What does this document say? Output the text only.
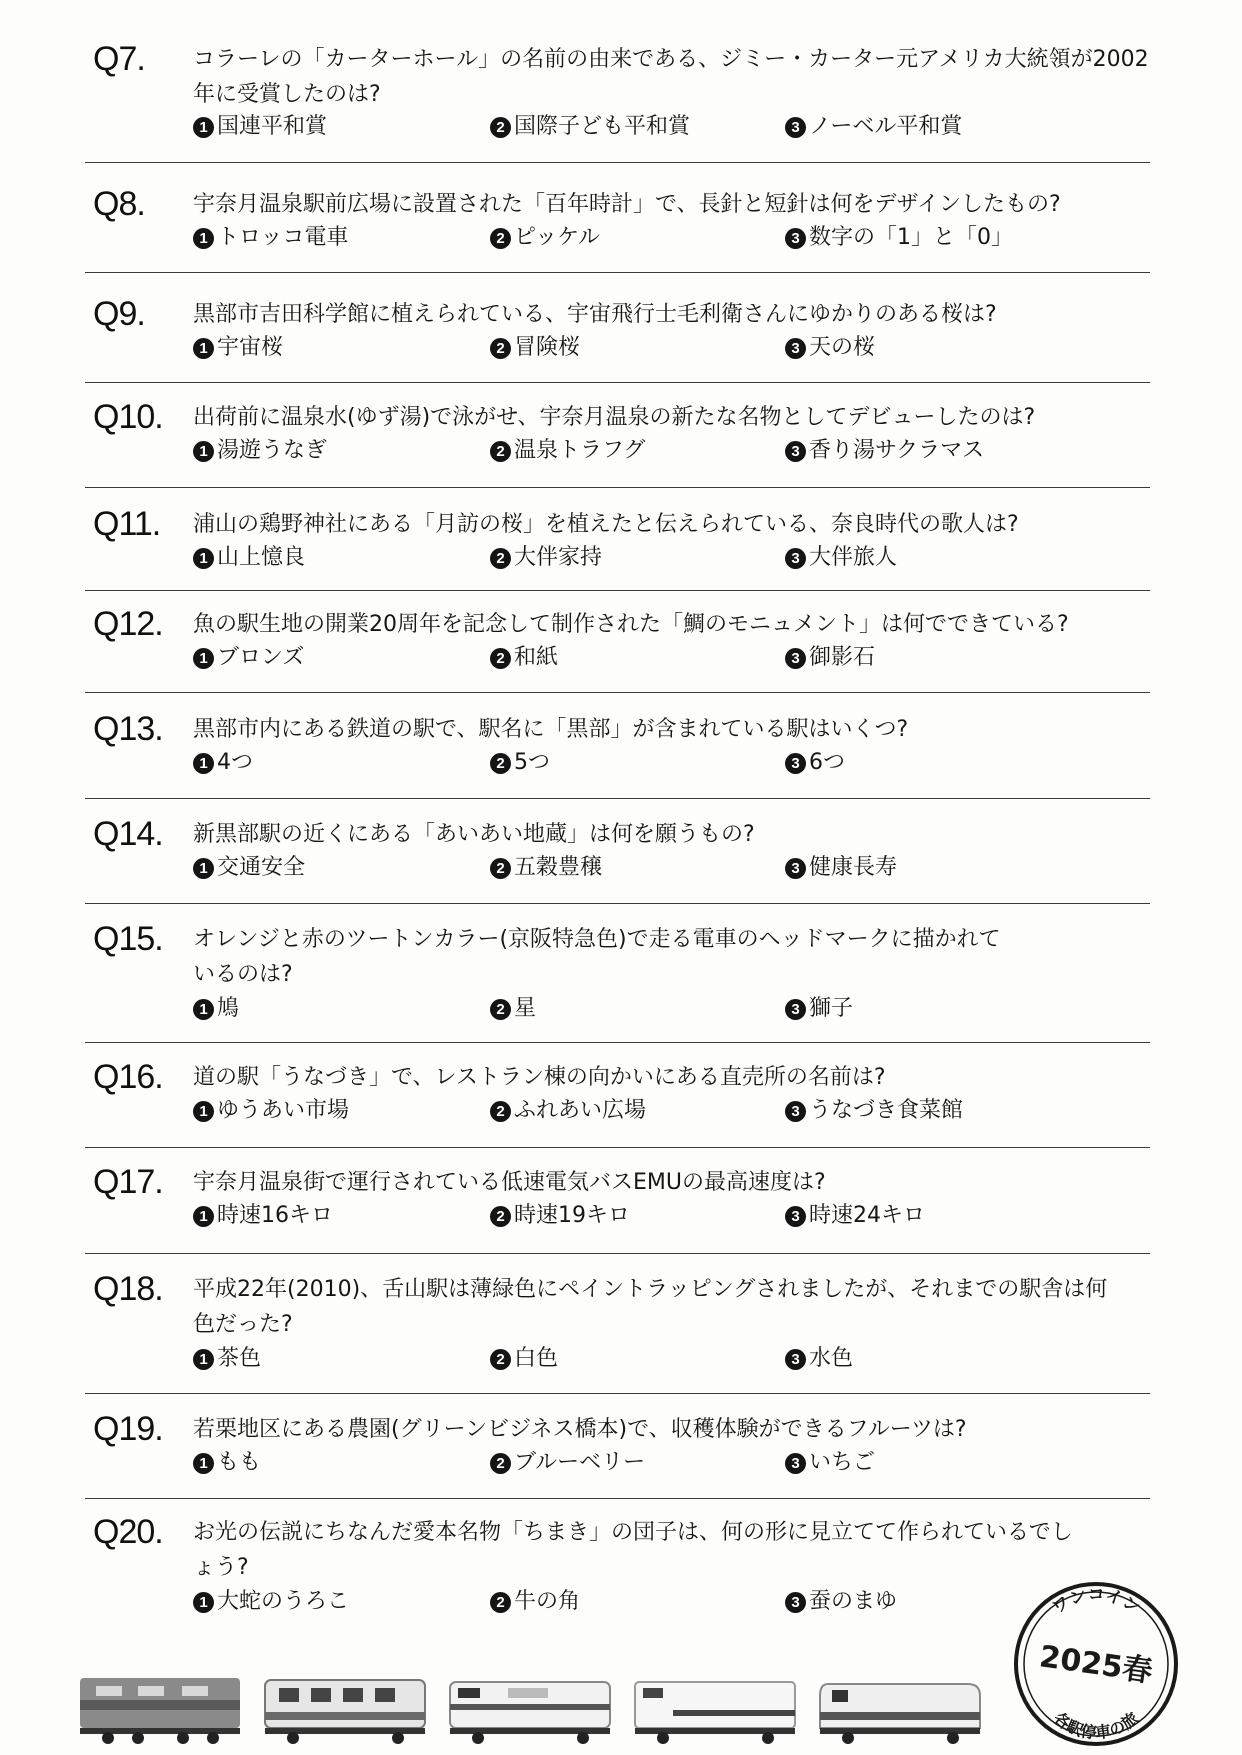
Q7. コラーレの「カーターホール」の名前の由来である、ジミー・カーター元アメリカ大統領が2002年に受賞したのは?
1 国連平和賞	2 国際子ども平和賞	3 ノーベル平和賞
Q8. 宇奈月温泉駅前広場に設置された「百年時計」で、長針と短針は何をデザインしたもの?
1 トロッコ電車	2 ピッケル	3 数字の「1」と「0」
Q9. 黒部市吉田科学館に植えられている、宇宙飛行士毛利衛さんにゆかりのある桜は?
1 宇宙桜	2 冒険桜	3 天の桜
Q10. 出荷前に温泉水(ゆず湯)で泳がせ、宇奈月温泉の新たな名物としてデビューしたのは?
1 湯遊うなぎ	2 温泉トラフグ	3 香り湯サクラマス
Q11. 浦山の鶏野神社にある「月訪の桜」を植えたと伝えられている、奈良時代の歌人は?
1 山上憶良	2 大伴家持	3 大伴旅人
Q12. 魚の駅生地の開業20周年を記念して制作された「鯛のモニュメント」は何でできている?
1 ブロンズ	2 和紙	3 御影石
Q13. 黒部市内にある鉄道の駅で、駅名に「黒部」が含まれている駅はいくつ?
1 4つ	2 5つ	3 6つ
Q14. 新黒部駅の近くにある「あいあい地蔵」は何を願うもの?
1 交通安全	2 五穀豊穣	3 健康長寿
Q15. オレンジと赤のツートンカラー(京阪特急色)で走る電車のヘッドマークに描かれているのは?
1 鳩	2 星	3 獅子
Q16. 道の駅「うなづき」で、レストラン棟の向かいにある直売所の名前は?
1 ゆうあい市場	2 ふれあい広場	3 うなづき食菜館
Q17. 宇奈月温泉街で運行されている低速電気バスEMUの最高速度は?
1 時速16キロ	2 時速19キロ	3 時速24キロ
Q18. 平成22年(2010)、舌山駅は薄緑色にペイントラッピングされましたが、それまでの駅舎は何色だった?
1 茶色	2 白色	3 水色
Q19. 若栗地区にある農園(グリーンビジネス橋本)で、収穫体験ができるフルーツは?
1 もも	2 ブルーベリー	3 いちご
Q20. お光の伝説にちなんだ愛本名物「ちまき」の団子は、何の形に見立てて作られているでしょう?
1 大蛇のうろこ	2 牛の角	3 蚕のまゆ	ワンコイン
2025春
各駅停車の旅
